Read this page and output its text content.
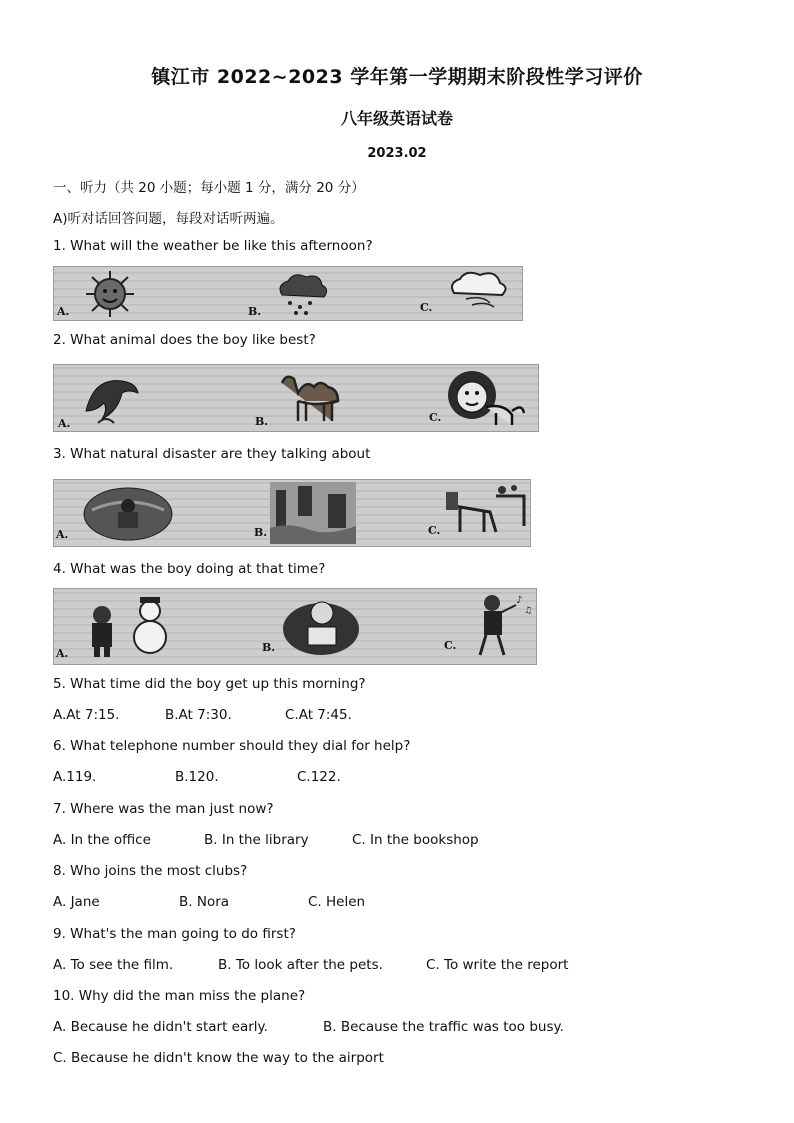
镇江市 2022~2023 学年第一学期期末阶段性学习评价
八年级英语试卷
2023.02
一、听力（共 20 小题；每小题 1 分，满分 20 分）
A)听对话回答问题，每段对话听两遍。
1. What will the weather be like this afternoon?
A.	B.	C.
2. What animal does the boy like best?
A.	B.	C.
3. What natural disaster are they talking about
A.	B.	C.
4. What was the boy doing at that time?
♪
♫
A.	B.	C.
5. What time did the boy get up this morning?
A.At 7:15.	B.At 7:30.	C.At 7:45.
6. What telephone number should they dial for help?
A.119.	B.120.	C.122.
7. Where was the man just now?
A. In the office	B. In the library	C. In the bookshop
8. Who joins the most clubs?
A. Jane	B. Nora	C. Helen
9. What's the man going to do first?
A. To see the film.	B. To look after the pets.	C. To write the report
10. Why did the man miss the plane?
A. Because he didn't start early.	B. Because the traffic was too busy.
C. Because he didn't know the way to the airport
